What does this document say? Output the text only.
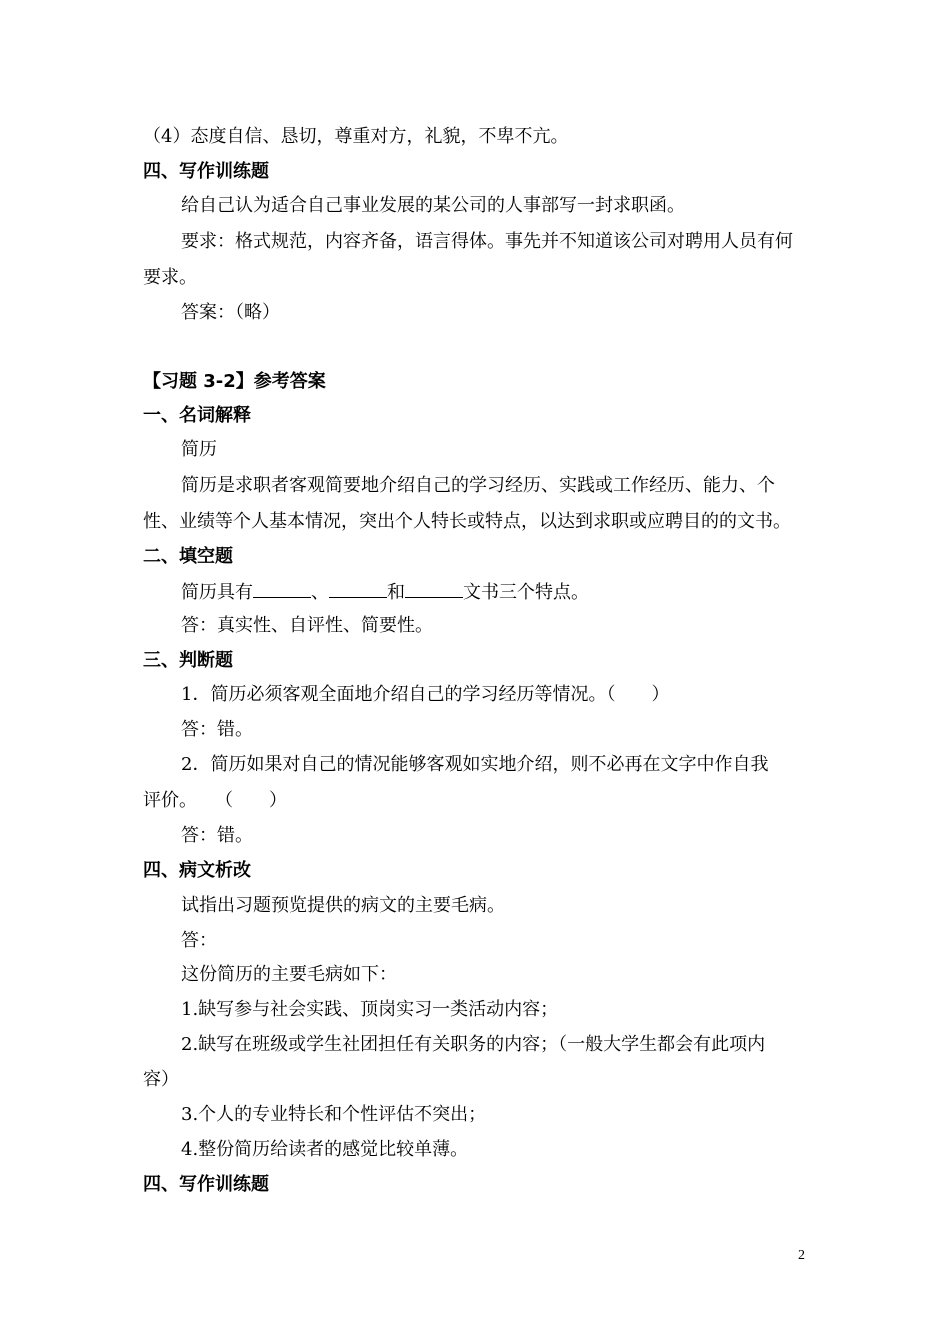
（4）态度自信、恳切，尊重对方，礼貌，不卑不亢。
四、写作训练题
给自己认为适合自己事业发展的某公司的人事部写一封求职函。
要求：格式规范，内容齐备，语言得体。事先并不知道该公司对聘用人员有何
要求。
答案：（略）
【习题 3-2】参考答案
一、名词解释
简历
简历是求职者客观简要地介绍自己的学习经历、实践或工作经历、能力、个
性、业绩等个人基本情况，突出个人特长或特点，以达到求职或应聘目的的文书。
二、填空题
简历具有	、	和	文书三个特点。
答：真实性、自评性、简要性。
三、判断题
1．简历必须客观全面地介绍自己的学习经历等情况。（　　）
答：错。
2．简历如果对自己的情况能够客观如实地介绍，则不必再在文字中作自我
评价。　　（　　）
答：错。
四、病文析改
试指出习题预览提供的病文的主要毛病。
答：
这份简历的主要毛病如下：
1.缺写参与社会实践、顶岗实习一类活动内容；
2.缺写在班级或学生社团担任有关职务的内容；（一般大学生都会有此项内
容）
3.个人的专业特长和个性评估不突出；
4.整份简历给读者的感觉比较单薄。
四、写作训练题
2
